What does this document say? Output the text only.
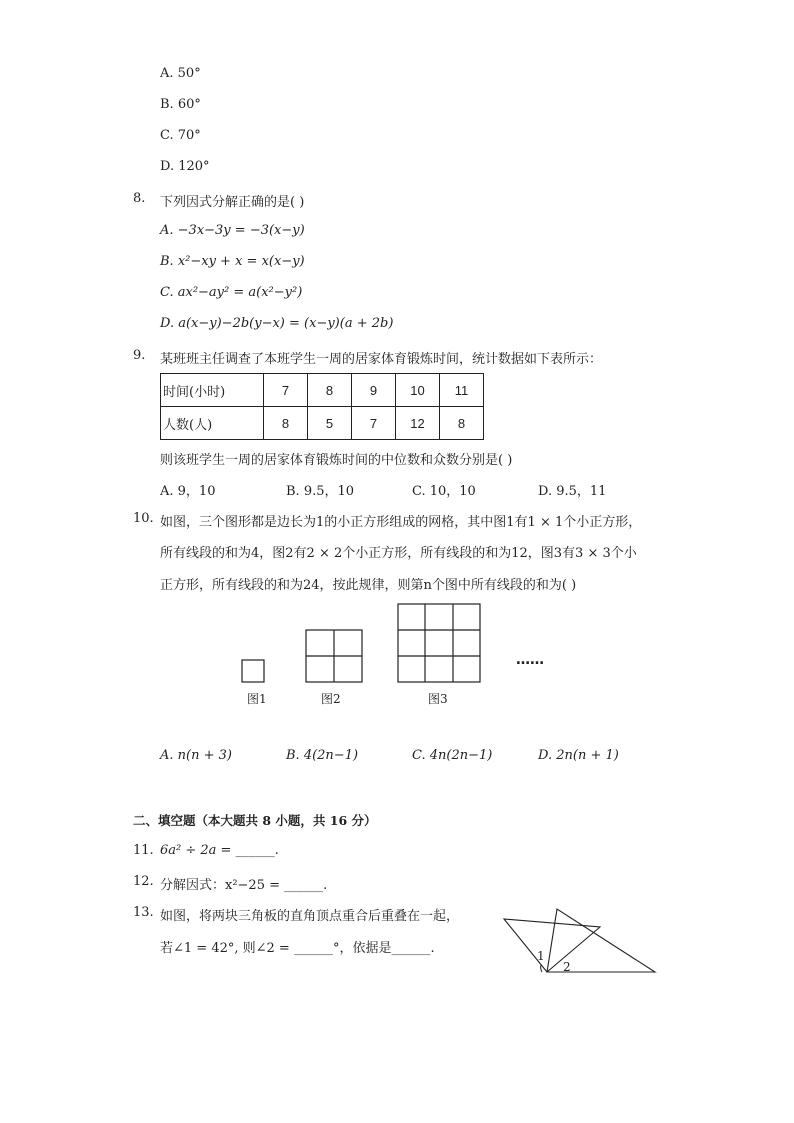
A. 50°
B. 60°
C. 70°
D. 120°
8. 下列因式分解正确的是( )
A. −3x−3y = −3(x−y)
B. x²−xy + x = x(x−y)
C. ax²−ay² = a(x²−y²)
D. a(x−y)−2b(y−x) = (x−y)(a + 2b)
9. 某班班主任调查了本班学生一周的居家体育锻炼时间，统计数据如下表所示：
时间(小时)	7	8	9	10	11
人数(人)	8	5	7	12	8
则该班学生一周的居家体育锻炼时间的中位数和众数分别是( )
A. 9，10	B. 9.5，10	C. 10，10	D. 9.5，11
10. 如图，三个图形都是边长为1的小正方形组成的网格，其中图1有1 × 1个小正方形，
所有线段的和为4，图2有2 × 2个小正方形，所有线段的和为12，图3有3 × 3个小
正方形，所有线段的和为24，按此规律，则第n个图中所有线段的和为( )
……
图1	图2	图3
A. n(n + 3)	B. 4(2n−1)	C. 4n(2n−1)	D. 2n(n + 1)
二、填空题（本大题共 8 小题，共 16 分）
11. 6a² ÷ 2a = ______.
12. 分解因式：x²−25 = ______.
13. 如图，将两块三角板的直角顶点重合后重叠在一起，
若∠1 = 42°, 则∠2 = ______°，依据是______.	1
2
